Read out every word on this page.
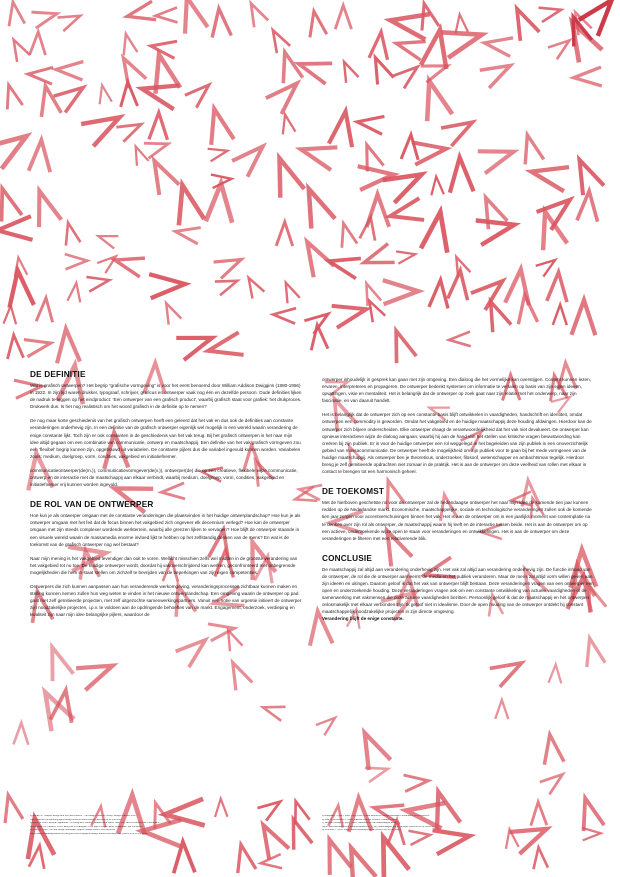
DE DEFINITIE

Wat is grafisch ontwerpen? Het begrip “grafische vormgeving” is voor het eerst benoemd door William Addison Dwiggins (1880-1956) in 1922. In zijn tijd waren drukker, typograaf, schrijver, graficus en ontwerper vaak nog één en dezelfde persoon. Oude definities lijken de nadruk te leggen op het eindproduct: ‘Een ontwerper van een grafisch product’, waarbij grafisch staat voor grafiek: het drukproces. Drukwerk dus. Is het nog realistisch om het woord grafisch in de definitie op te nemen?

De nog maar korte geschiedenis van het grafisch ontwerpen heeft een geleerd dat het vak en dus ook de definities aan constante veranderingen onderhevig zijn. In een definitie van de grafisch ontwerper eigenlijk wel mogelijk in een wereld waarin verandering de enige constante lijkt. Toch zijn er ook constanten in de geschiedenis van het vak terug. Bij het grafisch ontwerpen is het naar mijn idee altijd gegaan om een combinatie van communicatie, ontwerp en maatschappij. Een definitie van het vak grafisch vormgeven zou een ‘flexibel’ begrip kunnen zijn, opgebouwd uit variabelen. De constante pijlers dus die variabel ingevuld kunnen worden. Variabelen zoals: medium, doelgroep, vorm, condities, vakgebied en initiatiefnemer.

communicatieontwerper(de(m.)), communicatievormgever(de(v.)), ontwerper(de) die op een creatieve, flexibele wijze communicatie, ontwerp en de interactie met de maatschappij aan elkaar verbindt, waarbij medium, doelgroep, vorm, condities, vakgebied en initiatiefnemer vrij kunnen worden ingevuld.

DE ROL VAN DE ONTWERPER

Hoe kun je als ontwerper omgaan met de constante veranderingen die plaatsvinden in het huidige ontwerplandschap? Hoe kun je als ontwerper omgaan met het feit dat de focus binnen het vakgebied zich ongeveer elk decennium verlegd? Hoe kan de ontwerper omgaan met zijn steeds complexer wordende werkterrein, waarbij alle grenzen lijken te vervagen? Hoe blijft de ontwerper staande in een visuele wereld waarin de massamedia enorme invloed lijkt te hebben op het zelfstandig denken van de mens? En wat is de toekomst van de grafisch ontwerper nog wel bestaat?

Naar mijn mening is het vakgebied levendiger dan ooit te voren. Wellicht misschien zelfs wel midden in de grootste verandering van het vakgebied tot nu toe. De huidige ontwerper wordt, doordat hij vakoverschrijdend kan werken, geconfronteerd met onbegrensde mogelijkheden die hem in staat stellen om zichzelf te bevrijden van de beperkingen van zijn eigen competenties.

Ontwerpers die zich kunnen aanpassen aan hun veranderende werkomgeving, veranderingsprocessen zichtbaar kunnen maken en stelling kunnen nemen zullen hun weg weten te vinden in het nieuwe ontwerplandschap. Een omgeving waarin de ontwerper op pad gaat met zelf geïnitieerde projecten, met zelf uitgezochte samenwerkingspartners. Vanuit een notie van urgentie initieert de ontwerper zijn noodzakelijke projecten, i.p.v. te voldoen aan de opdringende behoeftes van de markt. Engagement, onderzoek, verdieping en kwaliteit zijn naar mijn idee belangrijke pijlers, waardoor de

ontwerper inhoudelijk in gesprek kan gaan met zijn omgeving. Een dialoog die het vormelijke kan overstijgen. Content kunnen lezen, ervaren, interpreteren en propageren. De ontwerper bedenkt systemen om informatie te vertalen op basis van zijn eigen ideeën, opvattingen, visie en mentaliteit. Het is belangrijk dat de ontwerper op zoek gaat naar zijn relatie met het onderwerp, naar zijn fascinatie, en van daaruit handelt.

Het is belangrijk dat de ontwerper zich op een constante basis blijft ontwikkelen in vaardigheden, handschrift en identiteit, omdat ontwerpen een commodity is geworden. Omdat het vakgebied en de huidige maatschappij deze houding afdwingen. Hierdoor kan de ontwerper zich blijven onderscheiden. Elke ontwerper draagt de verantwoordelijkheid dat het vak niet devalueert. De ontwerper kan opnieuw interactieve wijze de dialoog aangaan, waarbij hij aan de hand van het stellen van kritische vragen bewustwording kan creëren bij zijn publiek. Er is voor de huidige ontwerper een rol weggelegd in het begeleiden van zijn publiek in een onoverzichtelijk gebied van massacommunicatie. De ontwerper heeft de mogelijkheid om zijn publiek voor te gaan bij het mede vormgeven van de huidige maatschappij. Als ontwerper ben je theoreticus, onderzoeker, filosoof, wetenschapper en ambachtsman tegelijk. Hierdoor breng je zelf geïnitieerde opdrachten niet zomaar in de praktijk. Het is aan de ontwerper om deze veelheid van rollen met elkaar in contact te brengen tot een harmonisch geheel.

DE TOEKOMST

Met de hierboven geschetste rol voor de ontwerper zal de hedendaagse ontwerper het naar mijn idee de komende tien jaar kunnen redden op de Nederlandse markt. Economische, maatschappelijke, sociale en technologische veranderingen zullen ook de komende tien jaar zorgen voor accentverschuivingen binnen het vak. Het is aan de ontwerper om in een jaarlijks moment van contemplatie na te denken over zijn rol als ontwerper, de maatschappij waarin hij leeft en de interactie tussen beide. Het is aan de ontwerper om op een actieve, onderzoekende wijze open te staan voor veranderingen en ontwikkelingen. Het is aan de ontwerper om deze veranderingen te filteren met een relativerende blik.

CONCLUSIE

De maatschappij zal altijd aan verandering onderhevig zijn. Het vak zal altijd aan verandering onderhevig zijn. De functie inhoud van de ontwerper, de rol die de ontwerper aanneemt, de media en het publiek veranderen. Maar de mens zal altijd vorm willen geven aan zijn ideeën en uitingen. Daarom geloof ik dat het vak van ontwerper blijft bestaan. Deze veranderingen vragen van een ontwerper een open en onderzoekende houding. Deze veranderingen vragen ook om een constante ontwikkeling van actuele vaardigheden of de samenwerking met vakmensen die deze actuele vaardigheden bezitten. Persoonlijk geloof ik dat de maatschappij en het ontwerpen onlosmakelijk met elkaar verbonden zijn. Ik geloof niet in idealisme. Door de open houding van de ontwerper ontdekt hij constant maatschappelijk noodzakelijke projecten in zijn directe omgeving.

Verandering blijft de enige constante.

1) Rehak, M. 'Graphic design and the new contexts'. The Design Observer Group, Design Practice, 2007,
http://observer.com/article/graphic-design-and-the-new-contexts/ (bezocht op 30 mei 2016.
2) Rock, M. 2013. Multiple Signatures: On Designers, Authors, Readers and Users. New York: Rizzoli International Publications.
3) Dorrestein, R. (redact.). 2016. Everyone is a designer in the age of social media. Amsterdam: Bis Publishers.
4) Funk, M. 2013. The new design landscape, graphic design doesn't exist anymore,
https://www.whatdesigncando.com/blog/2015/03/18/graphic-design-doesnt-exist-anymore/ (bezocht op 30 mei 2016.
5) Boekraad, H.(red.). 2000. Copy Proof: A new Method for Design Education. Rotterdam: 010 Publishers.
6) Mau, B. & Leonard, J. 2004. Massive Change. London: Phaidon Press.
7) Van Der Kerkak, B. (red.). 2014. 'Nabeschrift in de hedendaagse kunst',
https://www.nieuwehorizon.nl/kunst/nabeschrift_in_de_hedendaagse_kunst_kunstpel (bezocht op 28 mei 2016.
8) Schrofdu, T. 2016. https://www.overdesignfora.nl (bezocht op 30 mei 2016).
